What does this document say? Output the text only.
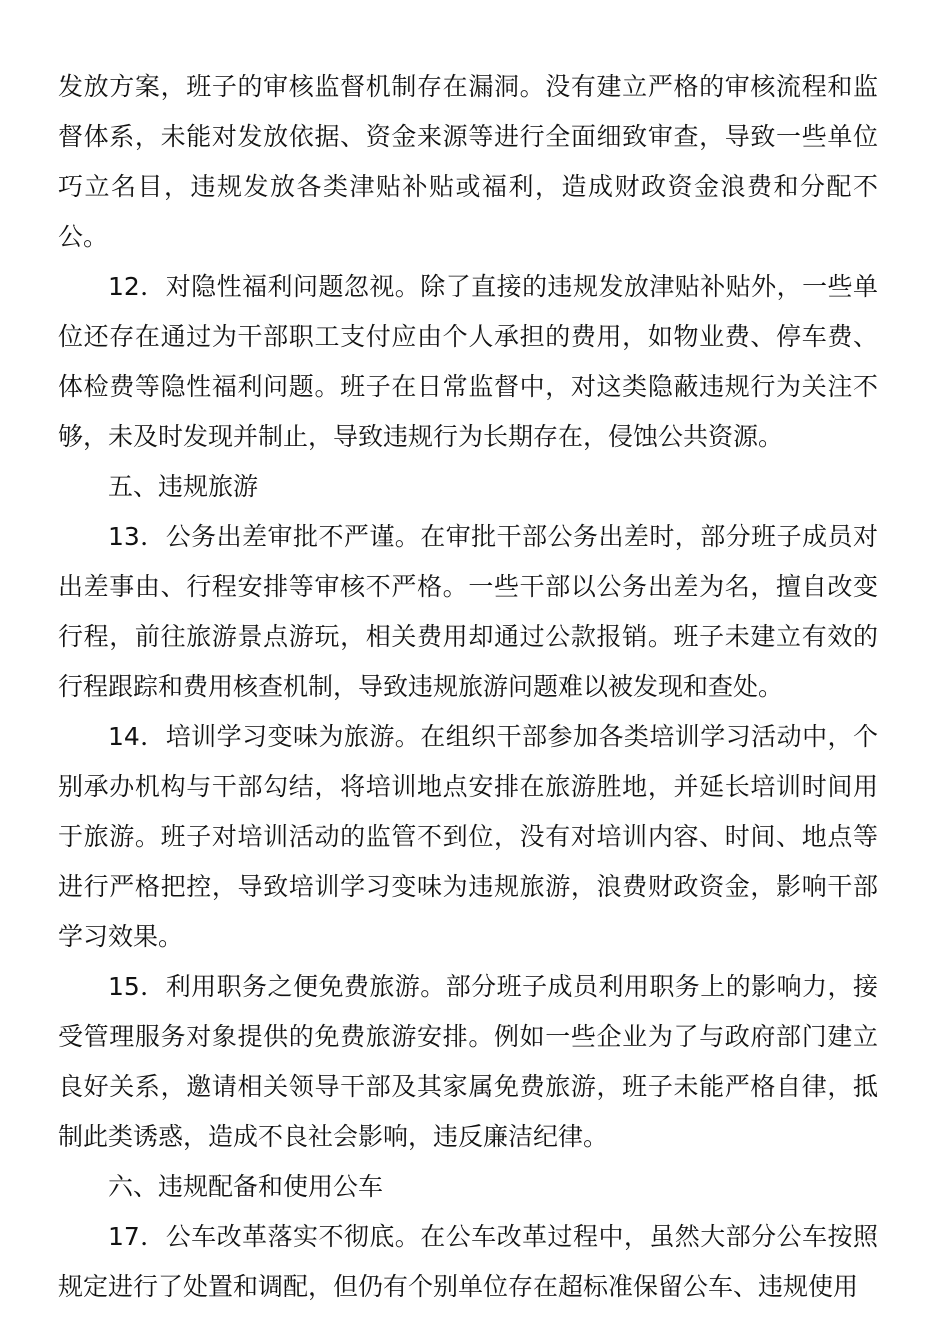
发放方案，班子的审核监督机制存在漏洞。没有建立严格的审核流程和监督体系，未能对发放依据、资金来源等进行全面细致审查，导致一些单位巧立名目，违规发放各类津贴补贴或福利，造成财政资金浪费和分配不公。

12．对隐性福利问题忽视。除了直接的违规发放津贴补贴外，一些单位还存在通过为干部职工支付应由个人承担的费用，如物业费、停车费、体检费等隐性福利问题。班子在日常监督中，对这类隐蔽违规行为关注不够，未及时发现并制止，导致违规行为长期存在，侵蚀公共资源。

五、违规旅游

13．公务出差审批不严谨。在审批干部公务出差时，部分班子成员对出差事由、行程安排等审核不严格。一些干部以公务出差为名，擅自改变行程，前往旅游景点游玩，相关费用却通过公款报销。班子未建立有效的行程跟踪和费用核查机制，导致违规旅游问题难以被发现和查处。

14．培训学习变味为旅游。在组织干部参加各类培训学习活动中，个别承办机构与干部勾结，将培训地点安排在旅游胜地，并延长培训时间用于旅游。班子对培训活动的监管不到位，没有对培训内容、时间、地点等进行严格把控，导致培训学习变味为违规旅游，浪费财政资金，影响干部学习效果。

15．利用职务之便免费旅游。部分班子成员利用职务上的影响力，接受管理服务对象提供的免费旅游安排。例如一些企业为了与政府部门建立良好关系，邀请相关领导干部及其家属免费旅游，班子未能严格自律，抵制此类诱惑，造成不良社会影响，违反廉洁纪律。

六、违规配备和使用公车

17．公车改革落实不彻底。在公车改革过程中，虽然大部分公车按照规定进行了处置和调配，但仍有个别单位存在超标准保留公车、违规使用
